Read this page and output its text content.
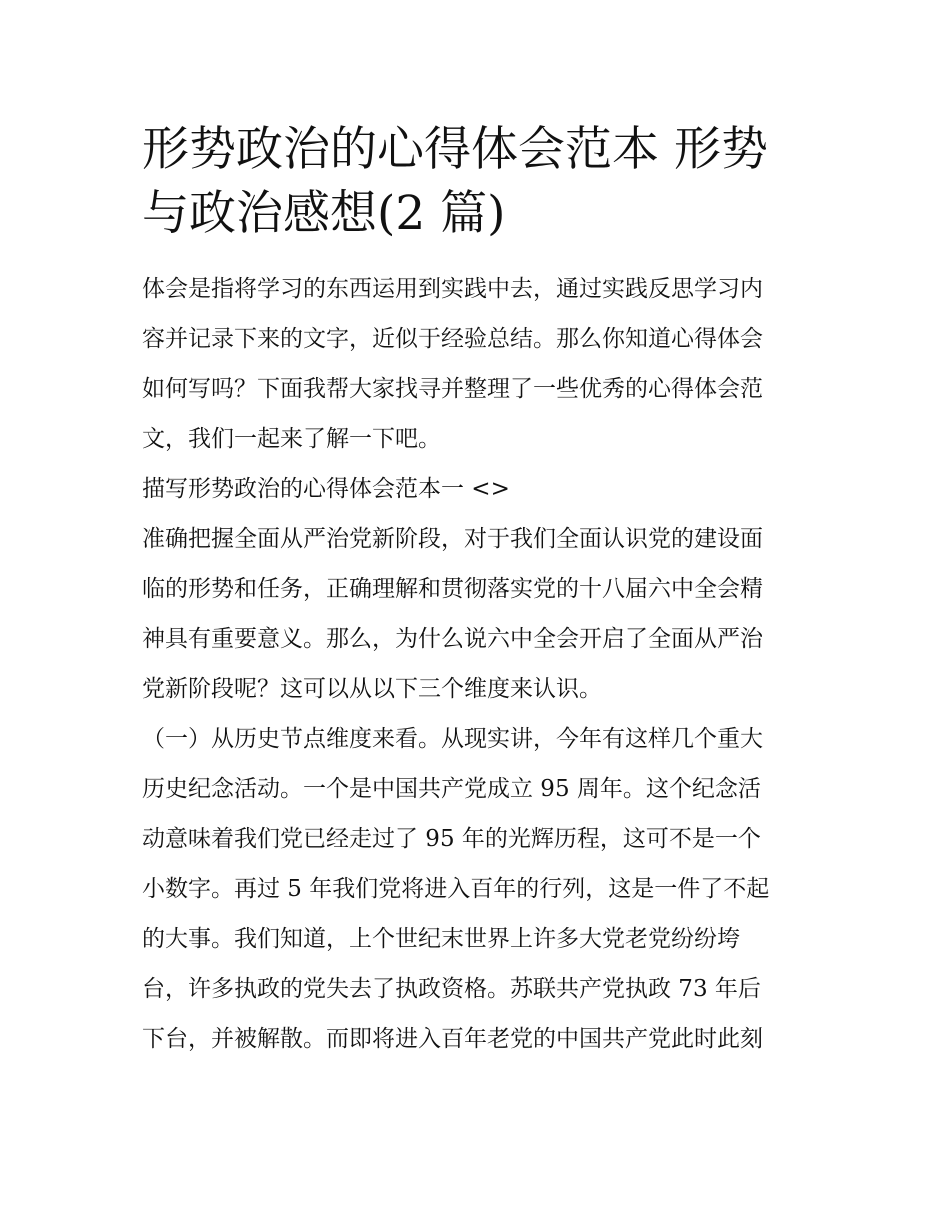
形势政治的心得体会范本 形势
与政治感想(2 篇)
体会是指将学习的东西运用到实践中去，通过实践反思学习内
容并记录下来的文字，近似于经验总结。那么你知道心得体会
如何写吗？下面我帮大家找寻并整理了一些优秀的心得体会范
文，我们一起来了解一下吧。
描写形势政治的心得体会范本一 <>
准确把握全面从严治党新阶段，对于我们全面认识党的建设面
临的形势和任务，正确理解和贯彻落实党的十八届六中全会精
神具有重要意义。那么，为什么说六中全会开启了全面从严治
党新阶段呢？这可以从以下三个维度来认识。
（一）从历史节点维度来看。从现实讲，今年有这样几个重大
历史纪念活动。一个是中国共产党成立 95 周年。这个纪念活
动意味着我们党已经走过了 95 年的光辉历程，这可不是一个
小数字。再过 5 年我们党将进入百年的行列，这是一件了不起
的大事。我们知道，上个世纪末世界上许多大党老党纷纷垮
台，许多执政的党失去了执政资格。苏联共产党执政 73 年后
下台，并被解散。而即将进入百年老党的中国共产党此时此刻
